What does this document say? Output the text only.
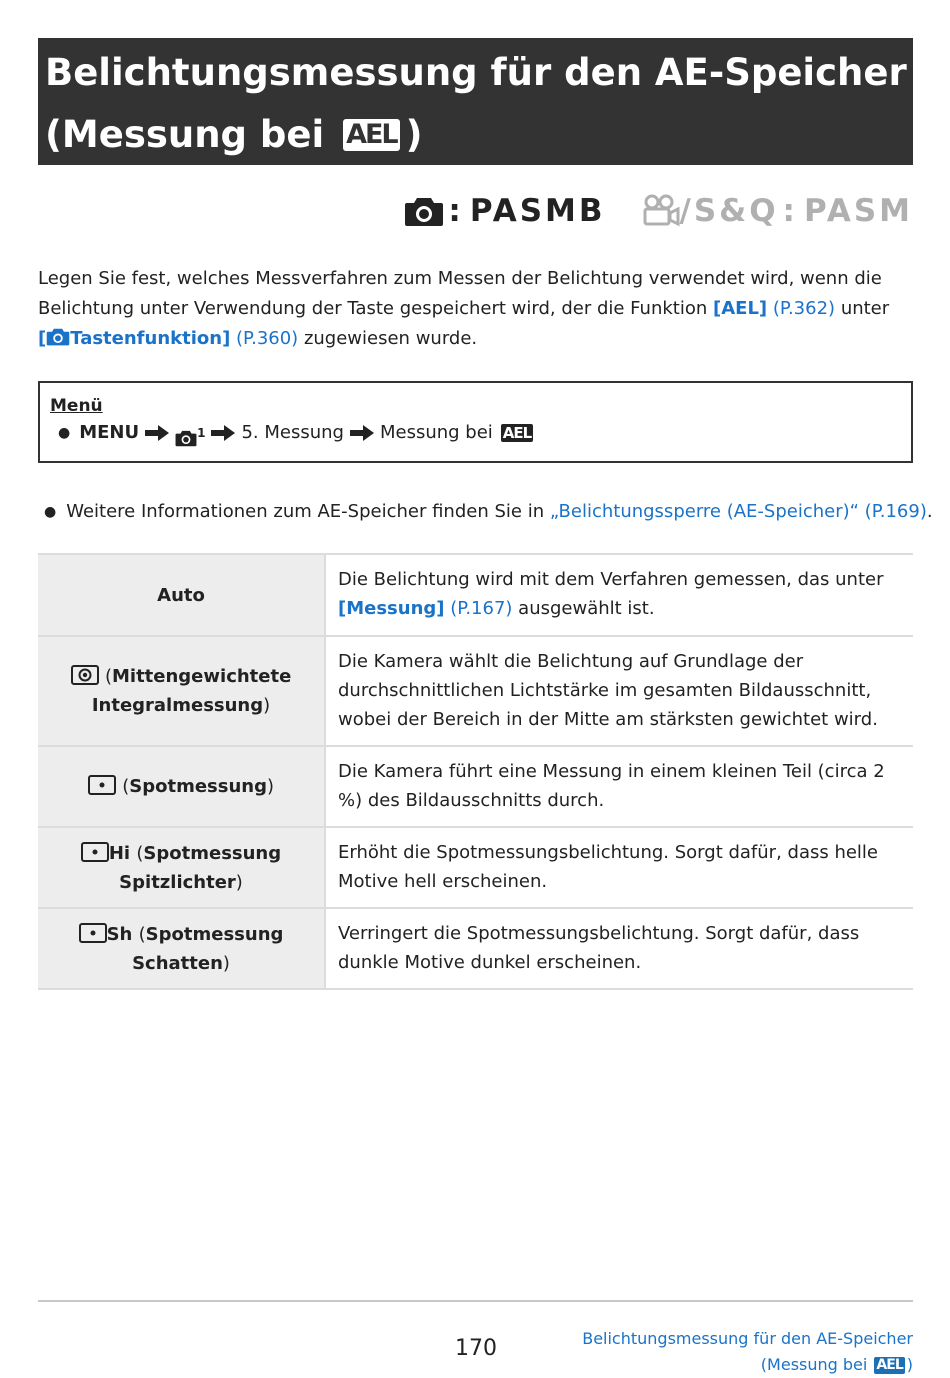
Belichtungsmessung für den AE-Speicher
(Messung bei AEL )
: PASMB / S&Q : PASM
Legen Sie fest, welches Messverfahren zum Messen der Belichtung verwendet wird, wenn die Belichtung unter Verwendung der Taste gespeichert wird, der die Funktion [AEL] (P.362) unter
[ Tastenfunktion] (P.360) zugewiesen wurde.
Menü
● MENU	1 5. Messung Messung bei AEL
● Weitere Informationen zum AE-Speicher finden Sie in
„Belichtungssperre (AE-Speicher)“ (P.169) .
Auto	Die Belichtung wird mit dem Verfahren gemessen, das unter
[Messung] (P.167) ausgewählt ist.
(Mittengewichtete Integralmessung)	Die Kamera wählt die Belichtung auf Grundlage der durchschnittlichen Lichtstärke im gesamten Bildausschnitt, wobei der Bereich in der Mitte am stärksten gewichtet wird.
(Spotmessung)	Die Kamera führt eine Messung in einem kleinen Teil (circa 2 %) des Bildausschnitts durch.
Hi (Spotmessung Spitzlichter)	Erhöht die Spotmessungsbelichtung. Sorgt dafür, dass helle Motive hell erscheinen.
Sh (Spotmessung Schatten)	Verringert die Spotmessungsbelichtung. Sorgt dafür, dass dunkle Motive dunkel erscheinen.
170	Belichtungsmessung für den AE-Speicher
(Messung bei AEL )
